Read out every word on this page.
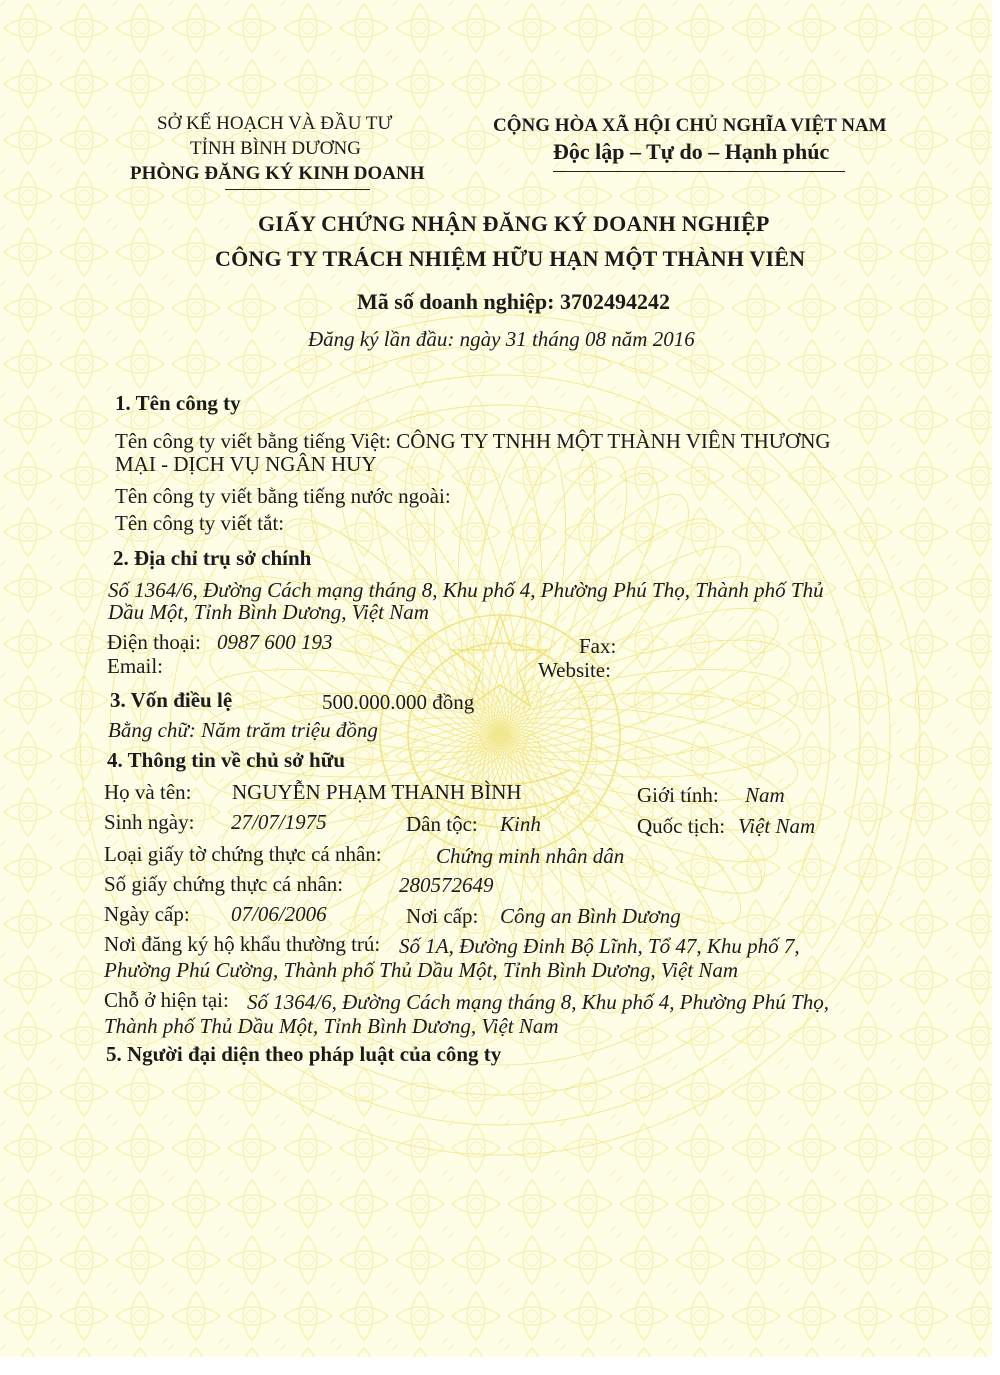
SỞ KẾ HOẠCH VÀ ĐẦU TƯ
TỈNH BÌNH DƯƠNG
PHÒNG ĐĂNG KÝ KINH DOANH
CỘNG HÒA XÃ HỘI CHỦ NGHĨA VIỆT NAM
Độc lập – Tự do – Hạnh phúc
GIẤY CHỨNG NHẬN ĐĂNG KÝ DOANH NGHIỆP
CÔNG TY TRÁCH NHIỆM HỮU HẠN MỘT THÀNH VIÊN
Mã số doanh nghiệp: 3702494242
Đăng ký lần đầu: ngày 31 tháng 08 năm 2016
1. Tên công ty
Tên công ty viết bằng tiếng Việt: CÔNG TY TNHH MỘT THÀNH VIÊN THƯƠNG
MẠI - DỊCH VỤ NGÂN HUY
Tên công ty viết bằng tiếng nước ngoài:
Tên công ty viết tắt:
2. Địa chỉ trụ sở chính
Số 1364/6, Đường Cách mạng tháng 8, Khu phố 4, Phường Phú Thọ, Thành phố Thủ
Dầu Một, Tỉnh Bình Dương, Việt Nam
Điện thoại: 0987 600 193	Fax:
Email:	Website:
3. Vốn điều lệ	500.000.000 đồng
Bằng chữ: Năm trăm triệu đồng
4. Thông tin về chủ sở hữu
Họ và tên: NGUYỄN PHẠM THANH BÌNH	Giới tính: Nam
Sinh ngày: 27/07/1975	Dân tộc: Kinh	Quốc tịch: Việt Nam
Loại giấy tờ chứng thực cá nhân:	Chứng minh nhân dân
Số giấy chứng thực cá nhân:	280572649
Ngày cấp: 07/06/2006	Nơi cấp: Công an Bình Dương
Nơi đăng ký hộ khẩu thường trú: Số 1A, Đường Đinh Bộ Lĩnh, Tổ 47, Khu phố 7,
Phường Phú Cường, Thành phố Thủ Dầu Một, Tỉnh Bình Dương, Việt Nam
Chỗ ở hiện tại: Số 1364/6, Đường Cách mạng tháng 8, Khu phố 4, Phường Phú Thọ,
Thành phố Thủ Dầu Một, Tỉnh Bình Dương, Việt Nam
5. Người đại diện theo pháp luật của công ty
